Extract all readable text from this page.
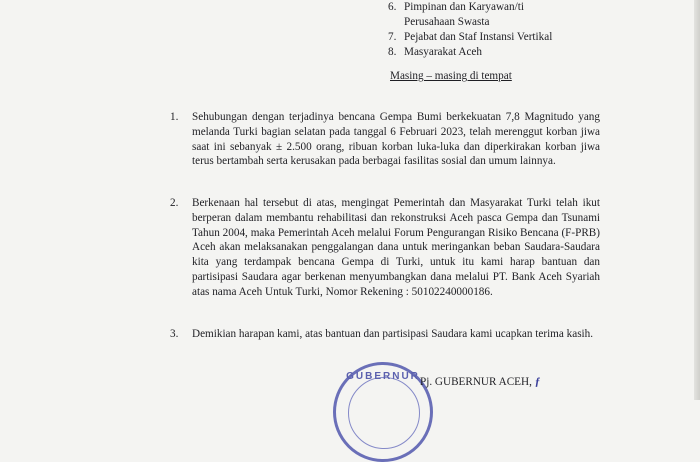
6. Pimpinan dan Karyawan/ti
Perusahaan Swasta
7. Pejabat dan Staf Instansi Vertikal
8. Masyarakat Aceh
Masing – masing di tempat
1.	Sehubungan dengan terjadinya bencana Gempa Bumi berkekuatan 7,8 Magnitudo yang melanda Turki bagian selatan pada tanggal 6 Februari 2023, telah merenggut korban jiwa saat ini sebanyak ± 2.500 orang, ribuan korban luka-luka dan diperkirakan korban jiwa terus bertambah serta kerusakan pada berbagai fasilitas sosial dan umum lainnya.
2.	Berkenaan hal tersebut di atas, mengingat Pemerintah dan Masyarakat Turki telah ikut berperan dalam membantu rehabilitasi dan rekonstruksi Aceh pasca Gempa dan Tsunami Tahun 2004, maka Pemerintah Aceh melalui Forum Pengurangan Risiko Bencana (F-PRB) Aceh akan melaksanakan penggalangan dana untuk meringankan beban Saudara-Saudara kita yang terdampak bencana Gempa di Turki, untuk itu kami harap bantuan dan partisipasi Saudara agar berkenan menyumbangkan dana melalui PT. Bank Aceh Syariah atas nama Aceh Untuk Turki, Nomor Rekening : 50102240000186.
3.	Demikian harapan kami, atas bantuan dan partisipasi Saudara kami ucapkan terima kasih.
GUBERNUR Pj. GUBERNUR ACEH, ƒ
